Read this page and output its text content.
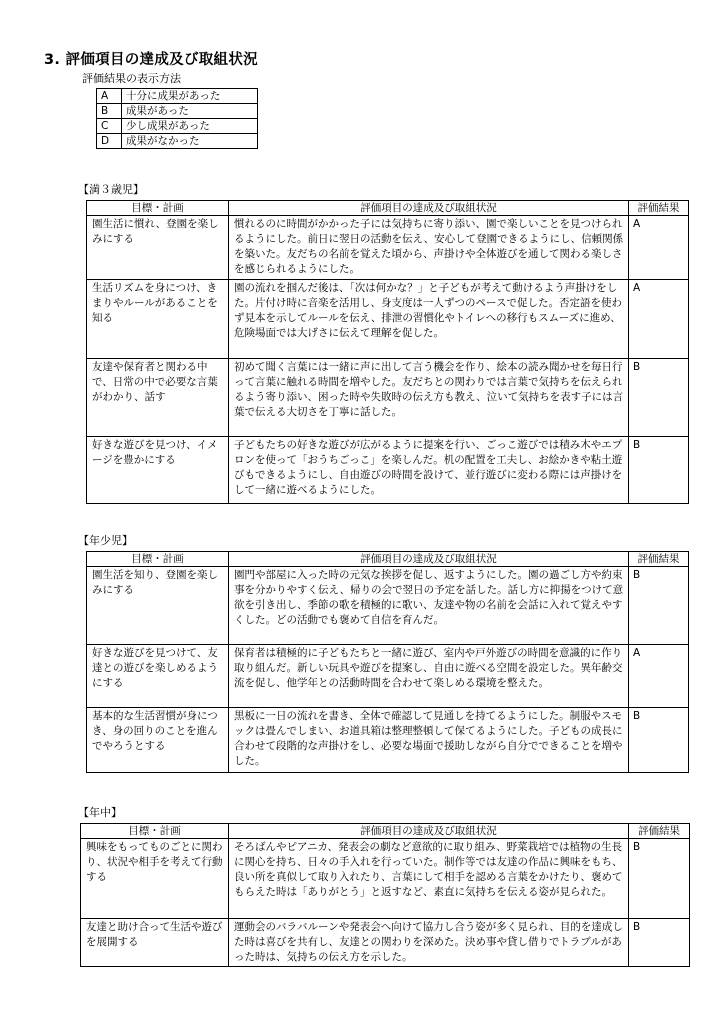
3. 評価項目の達成及び取組状況
評価結果の表示方法
A	十分に成果があった
B	成果があった
C	少し成果があった
D	成果がなかった
【満３歳児】
目標・計画	評価項目の達成及び取組状況	評価結果
園生活に慣れ、登園を楽しみにする	慣れるのに時間がかかった子には気持ちに寄り添い、園で楽しいことを見つけられるようにした。前日に翌日の活動を伝え、安心して登園できるようにし、信頼関係を築いた。友だちの名前を覚えた頃から、声掛けや全体遊びを通して関わる楽しさを感じられるようにした。	A
生活リズムを身につけ、きまりやルールがあることを知る	園の流れを掴んだ後は、「次は何かな？」と子どもが考えて動けるよう声掛けをした。片付け時に音楽を活用し、身支度は一人ずつのペースで促した。否定語を使わず見本を示してルールを伝え、排泄の習慣化やトイレへの移行もスムーズに進め、危険場面では大げさに伝えて理解を促した。	A
友達や保育者と関わる中で、日常の中で必要な言葉がわかり、話す	初めて聞く言葉には一緒に声に出して言う機会を作り、絵本の読み聞かせを毎日行って言葉に触れる時間を増やした。友だちとの関わりでは言葉で気持ちを伝えられるよう寄り添い、困った時や失敗時の伝え方も教え、泣いて気持ちを表す子には言葉で伝える大切さを丁寧に話した。	B
好きな遊びを見つけ、イメージを豊かにする	子どもたちの好きな遊びが広がるように提案を行い、ごっこ遊びでは積み木やエプロンを使って「おうちごっこ」を楽しんだ。机の配置を工夫し、お絵かきや粘土遊びもできるようにし、自由遊びの時間を設けて、並行遊びに変わる際には声掛けをして一緒に遊べるようにした。	B
【年少児】
目標・計画	評価項目の達成及び取組状況	評価結果
園生活を知り、登園を楽しみにする	園門や部屋に入った時の元気な挨拶を促し、返すようにした。園の過ごし方や約束事を分かりやすく伝え、帰りの会で翌日の予定を話した。話し方に抑揚をつけて意欲を引き出し、季節の歌を積極的に歌い、友達や物の名前を会話に入れて覚えやすくした。どの活動でも褒めて自信を育んだ。	B
好きな遊びを見つけて、友達との遊びを楽しめるようにする	保育者は積極的に子どもたちと一緒に遊び、室内や戸外遊びの時間を意識的に作り取り組んだ。新しい玩具や遊びを提案し、自由に遊べる空間を設定した。異年齢交流を促し、他学年との活動時間を合わせて楽しめる環境を整えた。	A
基本的な生活習慣が身につき、身の回りのことを進んでやろうとする	黒板に一日の流れを書き、全体で確認して見通しを持てるようにした。制服やスモックは畳んでしまい、お道具箱は整理整頓して保てるようにした。子どもの成長に合わせて段階的な声掛けをし、必要な場面で援助しながら自分でできることを増やした。	B
【年中】
目標・計画	評価項目の達成及び取組状況	評価結果
興味をもってものごとに関わり、状況や相手を考えて行動する	そろばんやピアニカ、発表会の劇など意欲的に取り組み、野菜栽培では植物の生長に関心を持ち、日々の手入れを行っていた。制作等では友達の作品に興味をもち、良い所を真似して取り入れたり、言葉にして相手を認める言葉をかけたり、褒めてもらえた時は「ありがとう」と返すなど、素直に気持ちを伝える姿が見られた。	B
友達と助け合って生活や遊びを展開する	運動会のバラバルーンや発表会へ向けて協力し合う姿が多く見られ、目的を達成した時は喜びを共有し、友達との関わりを深めた。決め事や貸し借りでトラブルがあった時は、気持ちの伝え方を示した。	B
